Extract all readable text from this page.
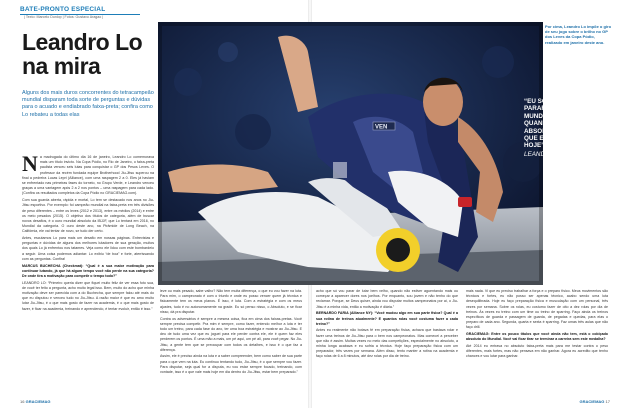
BATE-PRONTO ESPECIAL
| Texto: Marcelo Dunlop | Fotos: Gustavo Aragao |
Leandro Lo na mira
Alguns dos mais duros concorrentes do tetracampeão mundial disparam toda sorte de perguntas e dúvidas para o acuado e endiabrado faixa-preta; confira como Lo rebateu a todas elas

Na madrugada do último dia 16 de janeiro, Leandro Lo comemorava mais um título invicto. Na Copa Pódio, no Rio de Janeiro, o faixa-preta paulista venceu seis lutas para conquistar o GP dos Pesos Leves. O professor da recém fundada equipe Brotherhood Jiu-Jitsu superou na final a pedreira Lucas Lepri (Alliance), com uma raspagem 2 a 0. Eles já haviam se enfrentado nas primeiras fases do torneio, no Grupo Verde, e Leandro venceu graças a uma vantagem após 2 a 2 nos pontos – uma raspagem para cada lado. (Confira os resultados completos da Copa Pódio no GRACIEMAG.com).

Com sua guarda aberta, rápida e mortal, Lo tem se destacado nos anos no Jiu-Jitsu esportivo. Por exemplo: foi campeão mundial na faixa-preta em três divisões de peso diferentes – entre os leves (2012 e 2013), entre os médios (2014) e entre os meio pesados (2015). O objetivo dos títulos de categoria, além de buscar novos desafios, é o ouro mundial absoluto da IBJJF, que Lo tentará em 2016, no Mundial da categoria. O ouro deste ano, na Pirâmide de Long Beach, na Califórnia, ele vai tentar de novo, se tudo der certo.

Antes, escutamos Lo para mais um desafio em nossas páginas. Entrevistas e perguntas e dúvidas de alguns dos melhores lutadores de sua geração, muitos dos quais Lo já enfrentou nos tatames. Veja como ele lidou com este bombardeio a seguir. Uma coisa podemos adiantar: Lo exibiu “de boa” e forte, aterrissando com as perguntas. Confira!

MARCUS BUCHECHA (Checkmat): “Qual é a sua maior motivação para continuar lutando, já que há algum tempo você não perde na sua categoria? De onde tira a motivação para competir o tempo todo?”

LEANDRO LO: “Primeiro queria dizer que fiquei muito feliz de ver essa foto sua, de você ter feito a pergunta, acho muito legal isso. Bem, muito do acho que minha motivação deve ser parecida com a do Buchecha, que sempre falou até mais do que eu disputou e venceu tudo no Jiu-Jitsu. A razão maior é que eu amo muito lutar Jiu-Jitsu, é o que mais gosto de fazer na academia, é o que mais gosto de fazer, é ficar na academia, treinando e aprendendo, é tentar evoluir, então é isso.”

leve ou mais pesado, sabe valho? Não tem muita diferença, o que eu vou fazer na luta. Para mim, o campeonato é com o triunfo e onde eu posso vencer quem já técnica e fisicamente tem os meus planos. É isso, é luta. Com a estratégia e com os meus ajustes, tudo é no autonomamente na grade. Eu só penso nisso, o Absoluto, e se ficar nisso, dá pra disputar.

Contra os adversários é sempre a mesma coisa, fica em cima dos faixas-pretas. Você sempre precisa competir. Pra mim é sempre, como fazer, entendo melhor a luta e ter todo um treino, para cada fase do ano, ter uma boa estratégia e mostrar ao Jiu-Jitsu. E deu de tudo uma vez que eu joguei para ele perder contra ele, ele é quem faz eles perderem os pontos. É uma mão a mais, um pé aqui, um pé ali, para você pegar. No Jiu-Jitsu, a gente tem que se preocupar com todos os detalhes, e isso é o que faz a diferença.

Assim, ele é preciso ainda na luta e a saber compreender, bem como saber de sua parte para o que vem na luta. Eu continuo tentando tudo, Jiu-Jitsu, é o que sempre vou fazer. Para disputar, seja qual for a disputa, eu vou estar sempre focado, treinando, com vontade, isso é o que vale mais hoje em dia dentro do Jiu-Jitsu, estar bem preparado.”

acho que só vou parar de lutar bem velho, quando não estiver aguentando mais ou começar a aparecer dores nos joelhos. Por enquanto, sou jovem e não tenho do que reclamar. Porque, se Deus quiser, ainda vou disputar muitos campeonatos por aí, o Jiu-Jitsu é a minha vida, então a motivação é diária.”

BERNARDO FARIA (Alliance NY): “Você mudou algo em sua parte física? Qual é a sua rotina de treinos atualmente? E quantos rolas você costuma fazer a cada treino?”

Antes eu realmente não botava fé em preparação física, achava que bastava rolar e fazer uma treinos de Jiu-Jitsu para o bem nos campeonatos. Mas comecei a perceber que não é assim. Muitas vezes no meio das competições, especialmente no absoluto, a minha longa acabava e eu sofria a técnica. Hoje faço preparação física com um preparador, três vezes por semana. Além disso, tento manter a rotina na academia e faço rolas de 6 a 8 minutos, até dez rolas por dia de treino.

mais nada. Vi que eu preciso trabalhar a força e o preparo físico. Meus movimentos são técnicos e fortes, eu não posso ser apenas técnico, acabo sendo uma luta desequilibrada. Hoje eu faço preparação física e musculação com um personal, três vezes por semana. Sobre os rolas, eu costumo fazer de oito a dez rolas por dia de treinos. Às vezes eu treino com um time ou treino de sparring. Faço ainda os treinos específicos de guarda e passagem de guarda, de pegadas e quedas, para elas o preparo de cada ano. Segunda, quarta e sexta é sparring. Faz umas três aulas que não faço drill.

GRACIEMAG: Entre os pouco títulos que você ainda não tem, está o cobiçado absoluto do Mundial. Você vai ficar tirar se terminar a carreira sem este medalha?

Até 2014 eu entrava no absoluto faixa-preta mais para me testar contra o peso diferentes, mais fortes, mas não pensava em não ganhar. Agora eu acredito que tenho chances e vou lutar para ganhar.

VEN
Por cima, Leandro Lo impõe o giro de seu jogo sobre o brilho no GP dos Leves da Copa Pódio, realizado em janeiro deste ano.
“EU SÓ VOU PENSAR EM PARAR DE DISPUTAR O MUNDIAL DA IBJJF QUANDO GANHAR O ABSOLUTO, É O TÍTULO QUE EU MAIS QUERO HOJE”
LEANDRO LO
16 GRACIEMAG	GRACIEMAG 17
